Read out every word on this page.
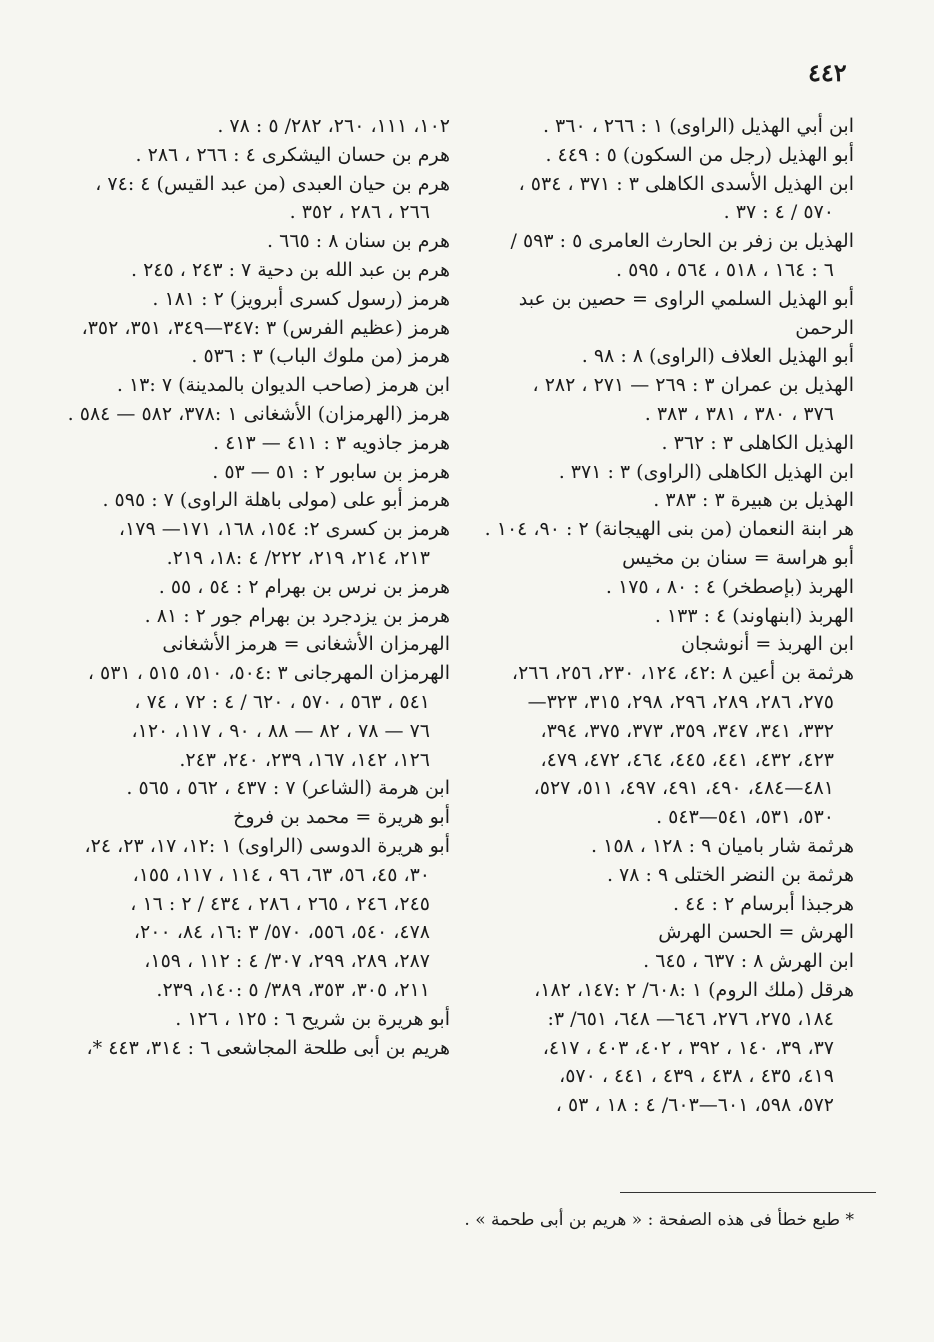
٤٤٢
ابن أبي الهذيل (الراوى) ١ : ٢٦٦ ، ٣٦٠ .
أبو الهذيل (رجل من السكون) ٥ : ٤٤٩ .
ابن الهذيل الأسدى الكاهلى ٣ : ٣٧١ ، ٥٣٤ ،

٥٧٠ / ٤ : ٣٧ .
الهذيل بن زفر بن الحارث العامرى ٥ : ٥٩٣ /

٦ : ١٦٤ ، ٥١٨ ، ٥٦٤ ، ٥٩٥ .
أبو الهذيل السلمي الراوى = حصين بن عبد الرحمن
أبو الهذيل العلاف (الراوى) ٨ : ٩٨ .
الهذيل بن عمران ٣ : ٢٦٩ — ٢٧١ ، ٢٨٢ ،

٣٧٦ ، ٣٨٠ ، ٣٨١ ، ٣٨٣ .
الهذيل الكاهلى ٣ : ٣٦٢ .
ابن الهذيل الكاهلى (الراوى) ٣ : ٣٧١ .
الهذيل بن هبيرة ٣ : ٣٨٣ .
هر ابنة النعمان (من بنى الهيجانة) ٢ : ٩٠، ١٠٤ .
أبو هراسة = سنان بن مخيس
الهربذ (بإصطخر) ٤ : ٨٠ ، ١٧٥ .
الهربذ (ابنهاوند) ٤ : ١٣٣ .
ابن الهربذ = أنوشجان
هرثمة بن أعين ٨ :٤٢، ١٢٤، ٢٣٠، ٢٥٦، ٢٦٦،

٢٧٥، ٢٨٦، ٢٨٩، ٢٩٦، ٢٩٨، ٣١٥، ٣٢٣—
٣٣٢، ٣٤١، ٣٤٧، ٣٥٩، ٣٧٣، ٣٧٥، ٣٩٤،
٤٢٣، ٤٣٢، ٤٤١، ٤٤٥، ٤٦٤، ٤٧٢، ٤٧٩،
٤٨١—٤٨٤، ٤٩٠، ٤٩١، ٤٩٧، ٥١١، ٥٢٧،
٥٣٠، ٥٣١، ٥٤١—٥٤٣ .
هرثمة شار باميان ٩ : ١٢٨ ، ١٥٨ .
هرثمة بن النضر الختلى ٩ : ٧٨ .
هرجبذا أبرسام ٢ : ٤٤ .
الهرش = الحسن الهرش
ابن الهرش ٨ : ٦٣٧ ، ٦٤٥ .
هرقل (ملك الروم) ١ :٦٠٨/ ٢ :١٤٧، ١٨٢،

١٨٤، ٢٧٥، ٢٧٦، ٦٤٦— ٦٤٨، ٦٥١/ ٣:
٣٧، ٣٩، ١٤٠ ، ٣٩٢ ، ٤٠٢، ٤٠٣ ، ٤١٧،
٤١٩، ٤٣٥ ، ٤٣٨ ، ٤٣٩ ، ٤٤١ ، ٥٧٠،
٥٧٢، ٥٩٨، ٦٠١—٦٠٣/ ٤ : ١٨ ، ٥٣ ،
١٠٢، ١١١، ٢٦٠، ٢٨٢/ ٥ : ٧٨ .
هرم بن حسان اليشكرى ٤ : ٢٦٦ ، ٢٨٦ .
هرم بن حيان العبدى (من عبد القيس) ٤ :٧٤ ،

٢٦٦ ، ٢٨٦ ، ٣٥٢ .
هرم بن سنان ٨ : ٦٦٥ .
هرم بن عبد الله بن دحية ٧ : ٢٤٣ ، ٢٤٥ .
هرمز (رسول كسرى أبرويز) ٢ : ١٨١ .
هرمز (عظيم الفرس) ٣ :٣٤٧—٣٤٩، ٣٥١، ٣٥٢،
هرمز (من ملوك الباب) ٣ : ٥٣٦ .
ابن هرمز (صاحب الديوان بالمدينة) ٧ :١٣ .
هرمز (الهرمزان) الأشغانى ١ :٣٧٨، ٥٨٢ — ٥٨٤ .
هرمز جاذويه ٣ : ٤١١ — ٤١٣ .
هرمز بن سابور ٢ : ٥١ — ٥٣ .
هرمز أبو على (مولى باهلة الراوى) ٧ : ٥٩٥ .
هرمز بن كسرى ٢: ١٥٤، ١٦٨، ١٧١— ١٧٩،

٢١٣، ٢١٤، ٢١٩، ٢٢٢/ ٤ :١٨، ٢١٩.
هرمز بن نرس بن بهرام ٢ : ٥٤ ، ٥٥ .
هرمز بن يزدجرد بن بهرام جور ٢ : ٨١ .
الهرمزان الأشغانى = هرمز الأشغانى
الهرمزان المهرجانى ٣ :٥٠٤، ٥١٠، ٥١٥ ، ٥٣١ ،

٥٤١ ، ٥٦٣ ، ٥٧٠ ، ٦٢٠ / ٤ : ٧٢ ، ٧٤ ،
٧٦ — ٧٨ ، ٨٢ — ٨٨ ، ٩٠ ، ١١٧، ١٢٠،
١٢٦، ١٤٢، ١٦٧، ٢٣٩، ٢٤٠، ٢٤٣.
ابن هرمة (الشاعر) ٧ : ٤٣٧ ، ٥٦٢ ، ٥٦٥ .
أبو هريرة = محمد بن فروخ
أبو هريرة الدوسى (الراوى) ١ :١٢، ١٧، ٢٣، ٢٤،

٣٠، ٤٥، ٥٦، ٦٣، ٩٦ ، ١١٤ ، ١١٧، ١٥٥،
٢٤٥، ٢٤٦ ، ٢٦٥ ، ٢٨٦ ، ٤٣٤ / ٢ : ١٦ ،
٤٧٨، ٥٤٠، ٥٥٦، ٥٧٠/ ٣ :١٦، ٨٤، ٢٠٠،
٢٨٧، ٢٨٩، ٢٩٩، ٣٠٧/ ٤ : ١١٢ ، ١٥٩،
٢١١، ٣٠٥، ٣٥٣، ٣٨٩/ ٥ :١٤٠، ٢٣٩.
أبو هريرة بن شريح ٦ : ١٢٥ ، ١٢٦ .
هريم بن أبى طلحة المجاشعى ٦ : ٣١٤، ٤٤٣ *،
* طبع خطأ فى هذه الصفحة : « هريم بن أبى طحمة » .
